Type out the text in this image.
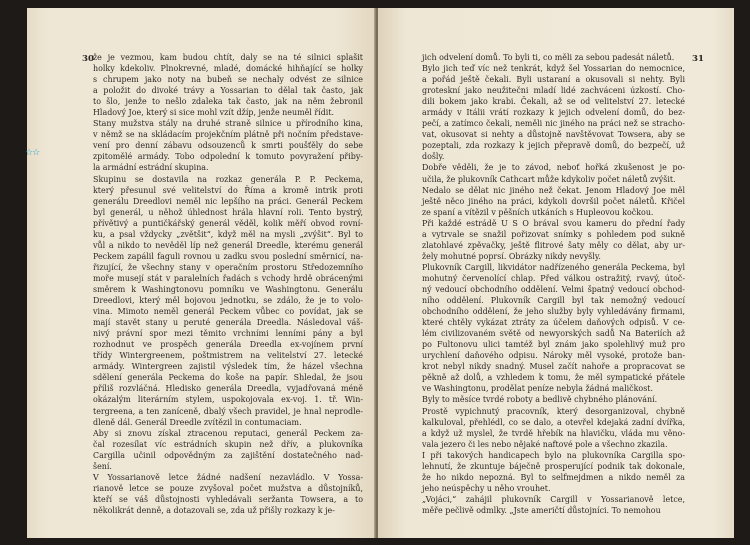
30
☆☆
že je vezmou, kam budou chtít, daly se na té silnici splašit
holky kdekoliv. Plnokrevné, mladé, domácké hihňající se holky
s chrupem jako noty na bubeň se nechaly odvést ze silnice
a položit do divoké trávy a Yossarian to dělal tak často, jak
to šlo, jenže to nešlo zdaleka tak často, jak na něm žebronil
Hladový Joe, který si sice mohl vzít džíp, jenže neuměl řídit.
Stany mužstva stály na druhé straně silnice u přírodního kina,
v němž se na skládacím projekčním plátně při nočním představe-
vení pro denní zábavu odsouzenců k smrti poušťěly do sebe
zpitomělé armády. Tobo odpolední k tomuto povyražení přiby-
la armádní estrádní skupina.
Skupinu se dostavila na rozkaz generála P. P. Peckema,
který přesunul své velitelství do Říma a kromě intrik proti
generálu Dreedlovi neměl nic lepšího na práci. Generál Peckem
byl generál, u něhož úhlednost hrála hlavní roli. Tento bystrý,
přívětivý a puntičkářský generál věděl, kolik měří obvod rovní-
ku, a psal vždycky „zvětšit“, když měl na mysli „zvýšit“. Byl to
vůl a nikdo to nevěděl líp než generál Dreedle, kterému generál
Peckem zapálil faguli rovnou u zadku svou poslední směrnicí, na-
řizující, že všechny stany v operačním prostoru Středozemního
moře musejí stát v paralelních řadách s vchody hrdě obrácenými
směrem k Washingtonovu pomníku ve Washingtonu. Generálu
Dreedlovi, který měl bojovou jednotku, se zdálo, že je to volo-
vina. Mimoto neměl generál Peckem vůbec co povídat, jak se
mají stavět stany u peruté generála Dreedla. Následoval váš-
nivý právní spor mezi těmito vrchními lenními pány a byl
rozhodnut ve prospěch generála Dreedla ex-vojínem první
třídy Wintergreenem, poštmistrem na velitelství 27. letecké
armády. Wintergreen zajistil výsledek tím, že házel všechna
sdělení generála Peckema do koše na papír. Shledal, že jsou
příliš rozvláčná. Hledisko generála Dreedla, vyjadřovaná méně
okázalým literárním stylem, uspokojovala ex-voj. 1. tř. Win-
tergreena, a ten zaníceně, dbalý všech pravidel, je hnal neprodle-
dleně dál. Generál Dreedle zvítězil in contumaciam.
Aby si znovu získal ztracenou reputaci, generál Peckem za-
čal rozesílat víc estrádních skupin než dřív, a plukovníka
Cargilla učinil odpovědným za zajištění dostatečného nad-
šení.
V Yossarianově letce žádné nadšení nezavládlo. V Yossa-
rianově letce se pouze zvyšoval počet mužstva a důstojníků,
kteří se váš důstojnosti vyhledávali seržanta Towsera, a to
několikrát denně, a dotazovali se, zda už přišly rozkazy k je-
31
jich odvelení domů. To byli ti, co měli za sebou padesát náletů.
Bylo jich teď víc než tenkrát, když šel Yossarian do nemocnice,
a pořád ještě čekali. Byli ustaraní a okusovali si nehty. Byli
groteskní jako neužitečni mladí lidé zachváceni úzkostí. Cho-
dili bokem jako krabi. Čekali, až se od velitelství 27. letecké
armády v Itálii vrátí rozkazy k jejich odvelení domů, do bez-
pečí, a zatímco čekali, neměli nic jiného na práci než se stracho-
vat, okusovat si nehty a důstojně navštěvovat Towsera, aby se
pozeptali, zda rozkazy k jejich přepravě domů, do bezpečí, už
došly.
Dobře věděli, že je to závod, neboť hořká zkušenost je po-
učila, že plukovník Cathcart může kdykoliv počet náletů zvýšit.
Nedalo se dělat nic jiného než čekat. Jenom Hladový Joe měl
ještě něco jiného na práci, kdykoli dovršil počet náletů. Křičel
ze spaní a vítězil v pěšních utkáních s Hupleovou kočkou.
Při každé estrádě U S O brával svou kameru do přední řady
a vytrvale se snažil pořizovat snímky s pohledem pod sukně
zlatohlavé zpěvačky, ještě flitrové šaty měly co dělat, aby ur-
žely mohutné poprsí. Obrázky nikdy nevyšly.
Plukovník Cargill, likvidátor nadřízeného generála Peckema, byl
mohutný červenolící chlap. Před válkou ostražitý, rvavý, útoč-
ný vedoucí obchodního oddělení. Velmi špatný vedoucí obchod-
ního oddělení. Plukovník Cargill byl tak nemožný vedoucí
obchodního oddělení, že jeho služby byly vyhledávány firmami,
které chtěly vykázat ztráty za účelem daňových odpisů. V ce-
lém civilizovaném světě od newyorských sadů Na Bateriích až
po Fultonovu ulici tamtéž byl znám jako spolehlivý muž pro
urychlení daňového odpisu. Nároky měl vysoké, protože ban-
krot nebyl nikdy snadný. Musel začít nahoře a propracovat se
pěkně až dolů, a vzhledem k tomu, že měl sympatické přátele
ve Washingtonu, prodělat peníze nebyla žádná maličkost.
Byly to měsíce tvrdé roboty a bedlivě chybného plánování.
Prostě vypichnutý pracovník, který desorganizoval, chybně
kalkuloval, přehlédl, co se dalo, a otevřel kdejaká zadní dvířka,
a když už myslel, že tvrdě hřebík na hlavičku, vláda mu věno-
vala jezero či les nebo nějaké naftové pole a všechno zkazila.
I při takových handicapech bylo na plukovníka Cargilla spo-
lehnutí, že zkuntuje báječně prosperující podnik tak dokonale,
že ho nikdo nepozná. Byl to selfmejdmen a nikdo neměl za
jeho neúspěchy u něho vrouhet.
„Vojáci,“ zahájil plukovník Cargill v Yossarianově letce,
měře pečlivě odmlky. „Jste američtí důstojníci. To nemohou
